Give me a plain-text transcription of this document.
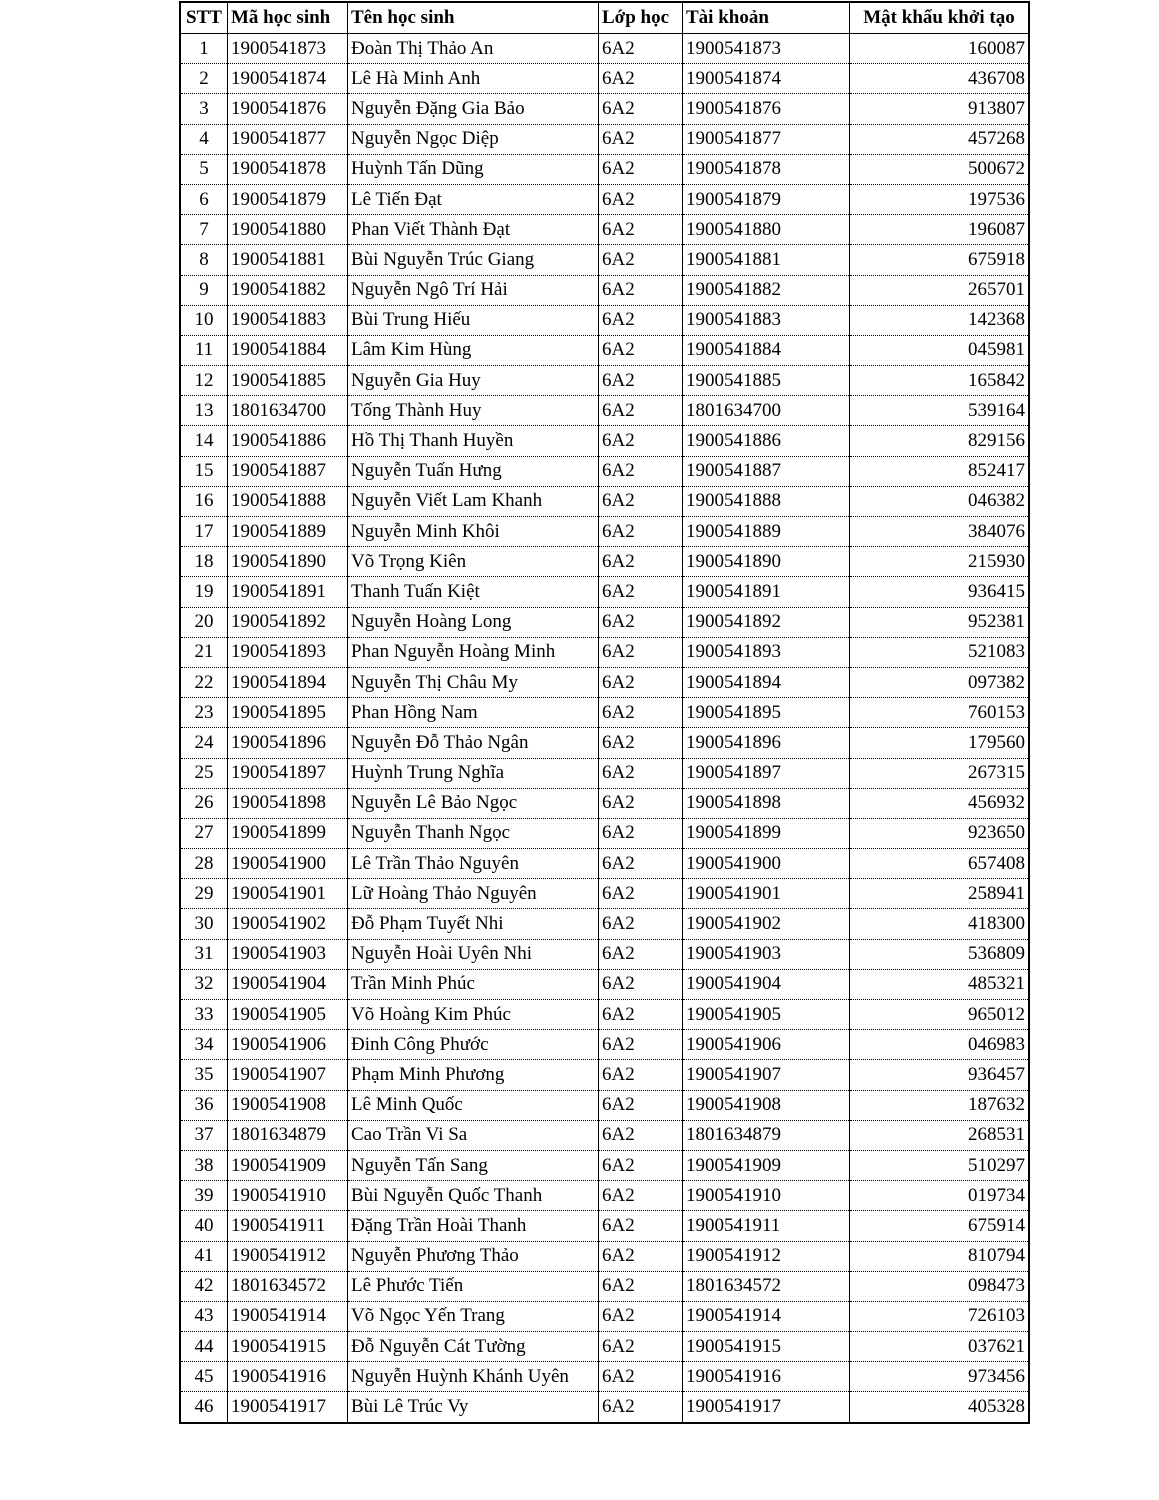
STT	Mã học sinh	Tên học sinh	Lớp học	Tài khoản	Mật khẩu khởi tạo
1	1900541873	Đoàn Thị Thảo An	6A2	1900541873	160087
2	1900541874	Lê Hà Minh Anh	6A2	1900541874	436708
3	1900541876	Nguyễn Đặng Gia Bảo	6A2	1900541876	913807
4	1900541877	Nguyễn Ngọc Diệp	6A2	1900541877	457268
5	1900541878	Huỳnh Tấn Dũng	6A2	1900541878	500672
6	1900541879	Lê Tiến Đạt	6A2	1900541879	197536
7	1900541880	Phan Viết Thành Đạt	6A2	1900541880	196087
8	1900541881	Bùi Nguyễn Trúc Giang	6A2	1900541881	675918
9	1900541882	Nguyễn Ngô Trí Hải	6A2	1900541882	265701
10	1900541883	Bùi Trung Hiếu	6A2	1900541883	142368
11	1900541884	Lâm Kim Hùng	6A2	1900541884	045981
12	1900541885	Nguyễn Gia Huy	6A2	1900541885	165842
13	1801634700	Tống Thành Huy	6A2	1801634700	539164
14	1900541886	Hồ Thị Thanh Huyền	6A2	1900541886	829156
15	1900541887	Nguyễn Tuấn Hưng	6A2	1900541887	852417
16	1900541888	Nguyễn Viết Lam Khanh	6A2	1900541888	046382
17	1900541889	Nguyễn Minh Khôi	6A2	1900541889	384076
18	1900541890	Võ Trọng Kiên	6A2	1900541890	215930
19	1900541891	Thanh Tuấn Kiệt	6A2	1900541891	936415
20	1900541892	Nguyễn Hoàng Long	6A2	1900541892	952381
21	1900541893	Phan Nguyễn Hoàng Minh	6A2	1900541893	521083
22	1900541894	Nguyễn Thị Châu My	6A2	1900541894	097382
23	1900541895	Phan Hồng Nam	6A2	1900541895	760153
24	1900541896	Nguyễn Đỗ Thảo Ngân	6A2	1900541896	179560
25	1900541897	Huỳnh Trung Nghĩa	6A2	1900541897	267315
26	1900541898	Nguyễn Lê Bảo Ngọc	6A2	1900541898	456932
27	1900541899	Nguyễn Thanh Ngọc	6A2	1900541899	923650
28	1900541900	Lê Trần Thảo Nguyên	6A2	1900541900	657408
29	1900541901	Lữ Hoàng Thảo Nguyên	6A2	1900541901	258941
30	1900541902	Đỗ Phạm Tuyết Nhi	6A2	1900541902	418300
31	1900541903	Nguyễn Hoài Uyên Nhi	6A2	1900541903	536809
32	1900541904	Trần Minh Phúc	6A2	1900541904	485321
33	1900541905	Võ Hoàng Kim Phúc	6A2	1900541905	965012
34	1900541906	Đinh Công Phước	6A2	1900541906	046983
35	1900541907	Phạm Minh Phương	6A2	1900541907	936457
36	1900541908	Lê Minh Quốc	6A2	1900541908	187632
37	1801634879	Cao Trần Vi Sa	6A2	1801634879	268531
38	1900541909	Nguyễn Tấn Sang	6A2	1900541909	510297
39	1900541910	Bùi Nguyễn Quốc Thanh	6A2	1900541910	019734
40	1900541911	Đặng Trần Hoài Thanh	6A2	1900541911	675914
41	1900541912	Nguyễn Phương Thảo	6A2	1900541912	810794
42	1801634572	Lê Phước Tiến	6A2	1801634572	098473
43	1900541914	Võ Ngọc Yến Trang	6A2	1900541914	726103
44	1900541915	Đỗ Nguyễn Cát Tường	6A2	1900541915	037621
45	1900541916	Nguyễn Huỳnh Khánh Uyên	6A2	1900541916	973456
46	1900541917	Bùi Lê Trúc Vy	6A2	1900541917	405328
